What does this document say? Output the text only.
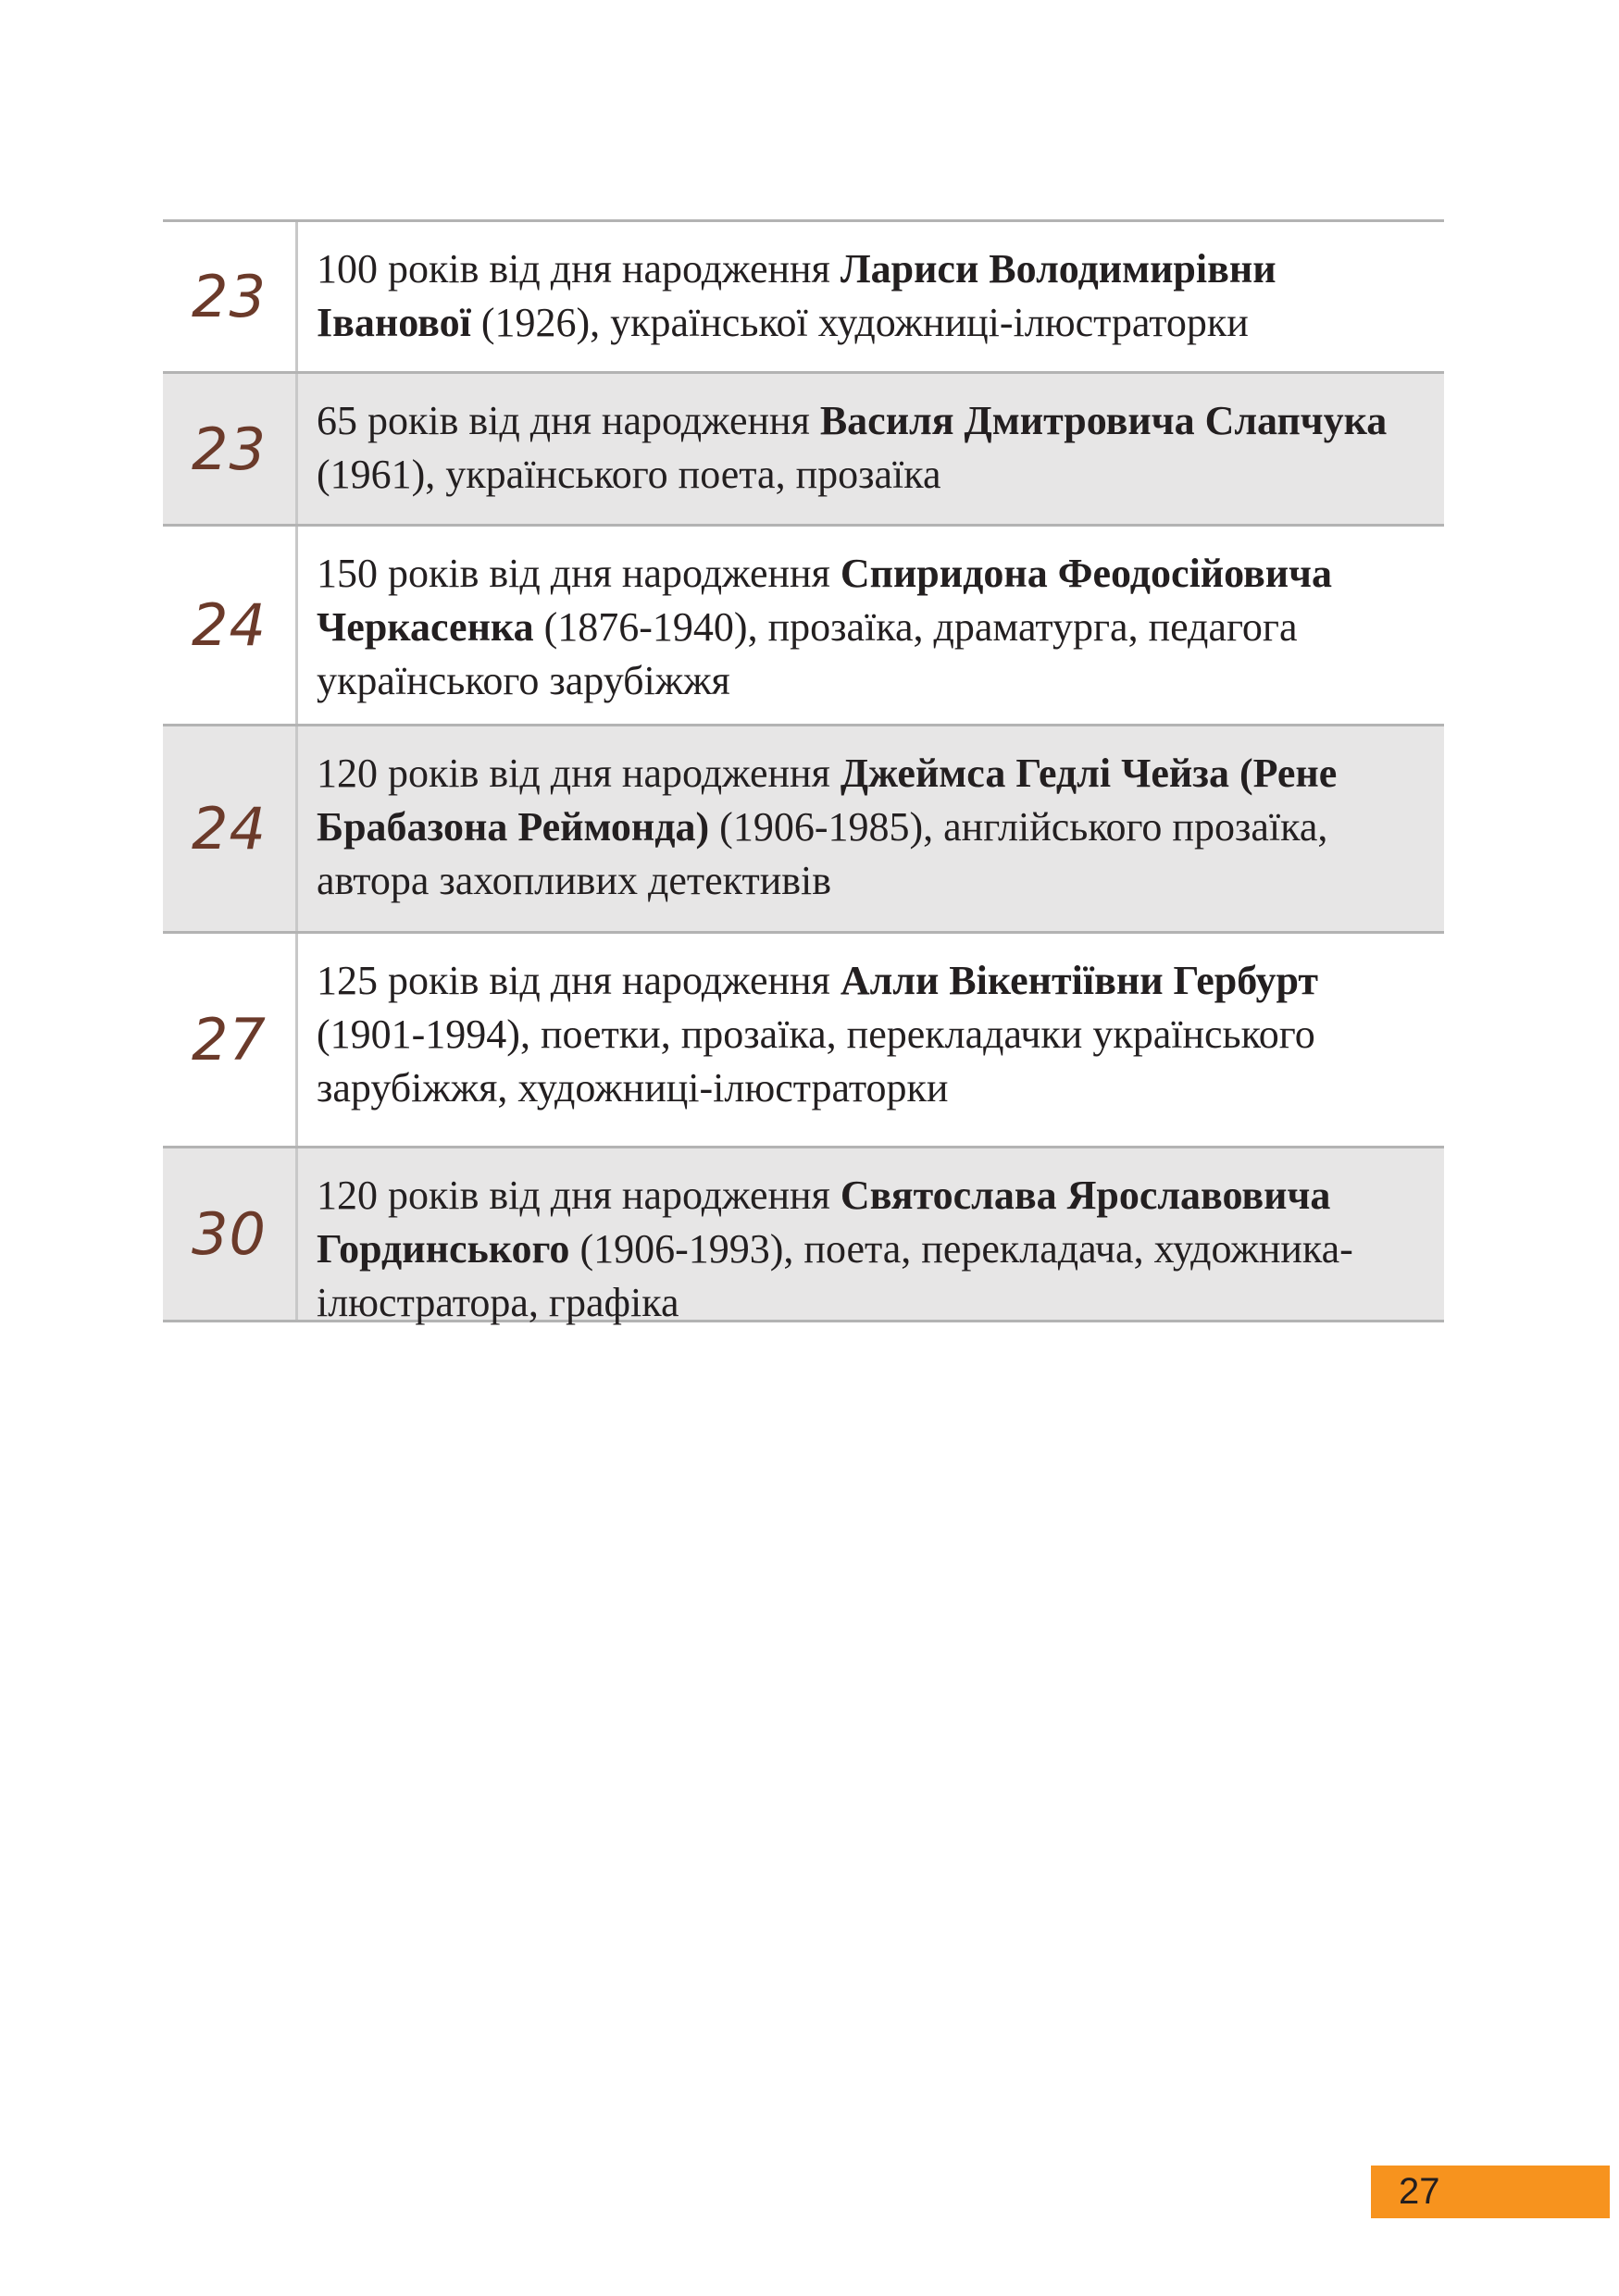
23	100 років від дня народження Лариси Володимирівни Іванової (1926), української художниці-ілюстраторки
23	65 років від дня народження Василя Дмитровича Слапчука (1961), українського поета, прозаїка
24
150 років від дня народження Спиридона Феодосійовича Черкасенка (1876-1940), прозаїка, драматурга, педагога українського зарубіжжя
24
120 років від дня народження Джеймса Гедлі Чейза (Рене Брабазона Реймонда) (1906-1985), англійського прозаїка, автора захопливих детективів
27
125 років від дня народження Алли Вікентіївни Гербурт (1901-1994), поетки, прозаїка, перекладачки українського зарубіжжя, художниці-ілюстраторки
30
120 років від дня народження Святослава Ярославовича Гординського (1906-1993), поета, перекладача, художника-ілюстратора, графіка
27
